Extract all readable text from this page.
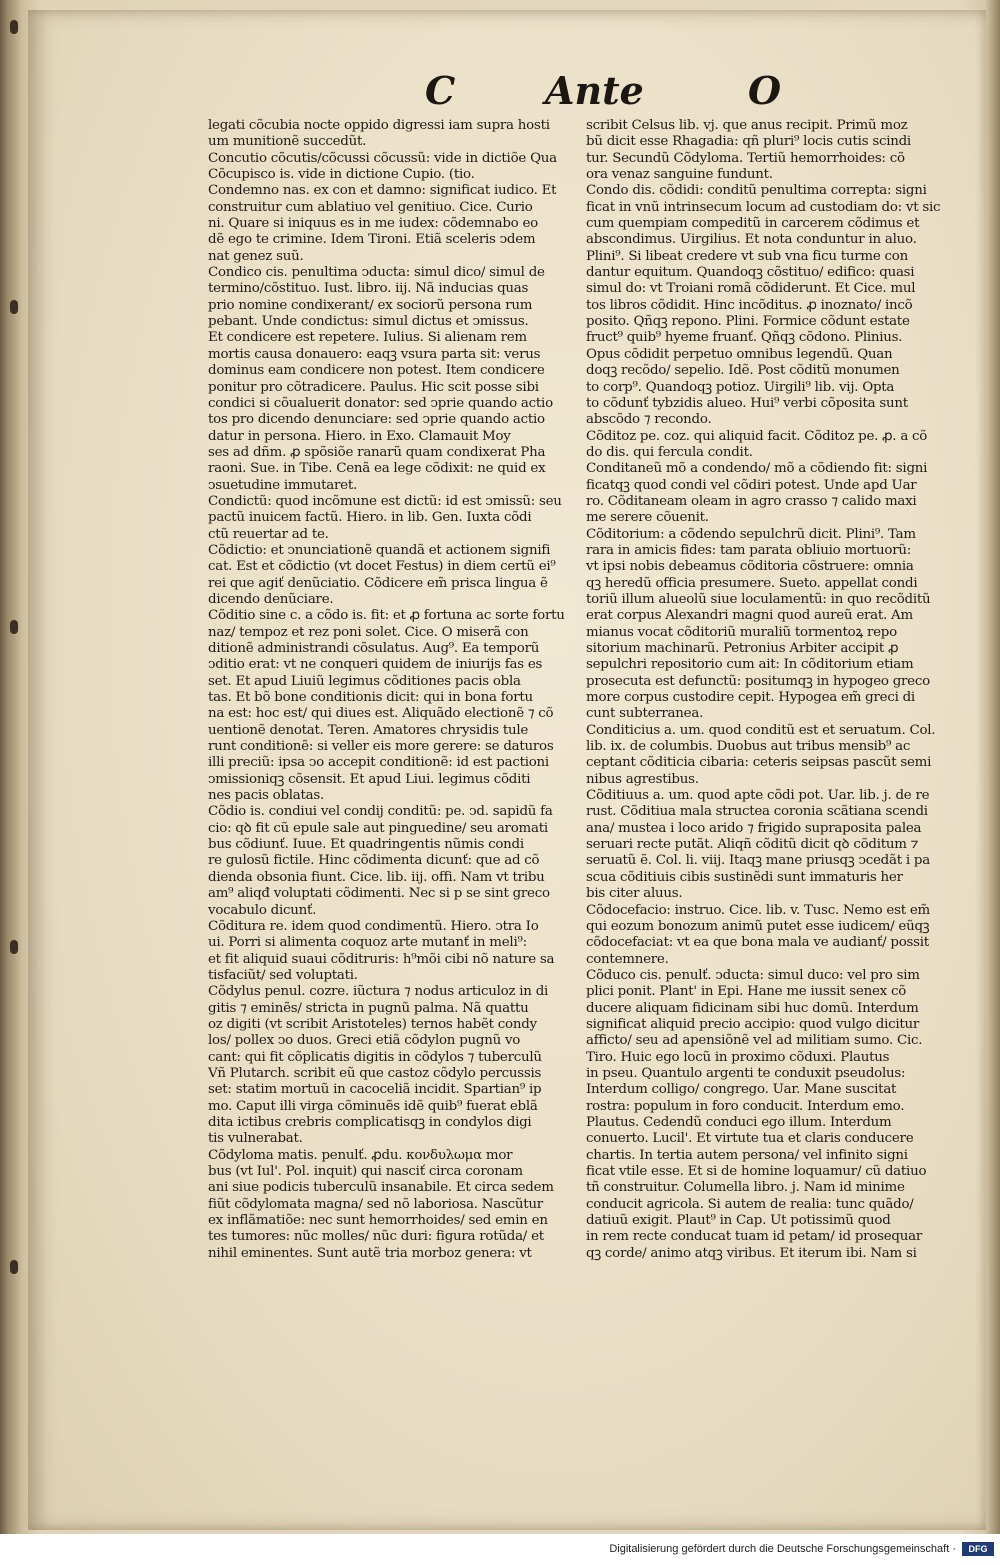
C Ante	O
legati cõcubia nocte oppido digressi iam supra hosti
um munitionẽ succedũt.
Concutio cõcutis/cõcussi cõcussũ: vide in dictiõe Qua
Cõcupisco is. vide in dictione Cupio. (tio.
Condemno nas. ex con et damno: significat iudico. Et
construitur cum ablatiuo vel genitiuo. Cice. Curio
ni. Quare si iniquus es in me iudex: cõdemnabo eo
dẽ ego te crimine. Idem Tironi. Etiã sceleris ↄdem
nat genez suũ.
Condico cis. penultima ↄducta: simul dico/ simul de
termino/cõstituo. Iust. libro. iij. Nã inducias quas
prio nomine condixerant/ ex sociorũ persona rum
pebant. Unde condictus: simul dictus et ↄmissus.
Et condicere est repetere. Iulius. Si alienam rem
mortis causa donauero: eaqꝫ vsura parta sit: verus
dominus eam condicere non potest. Item condicere
ponitur pro cõtradicere. Paulus. Hic scit posse sibi
condici si cõualuerit donator: sed ↄprie quando actio
tos pro dicendo denunciare: sed ↄprie quando actio
datur in persona. Hiero. in Exo. Clamauit Moy
ses ad dñm. ꝓ spõsiõe ranarũ quam condixerat Pha
raoni. Sue. in Tibe. Cenã ea lege cõdixit: ne quid ex
ↄsuetudine immutaret.
Condictũ: quod incõmune est dictũ: id est ↄmissũ: seu
pactũ inuicem factũ. Hiero. in lib. Gen. Iuxta cõdi
ctũ reuertar ad te.
Cõdictio: et ↄnunciationẽ quandã et actionem signifi
cat. Est et cõdictio (vt docet Festus) in diem certũ ei⁹
rei que agiť denũciatio. Cõdicere em̃ prisca lingua ẽ
dicendo denũciare.
Cõditio sine c. a cõdo is. fit: et ꝓ fortuna ac sorte fortu
naz/ tempoz et rez poni solet. Cice. O miserã con
ditionẽ administrandi cõsulatus. Aug⁹. Ea temporũ
ↄditio erat: vt ne conqueri quidem de iniurijs fas es
set. Et apud Liuiũ legimus cõditiones pacis obla
tas. Et bõ bone conditionis dicit: qui in bona fortu
na est: hoc est/ qui diues est. Aliquãdo electionẽ ⁊ cõ
uentionẽ denotat. Teren. Amatores chrysidis tule
runt conditionẽ: si veller eis more gerere: se daturos
illi preciũ: ipsa ↄo accepit conditionẽ: id est pactioni
ↄmissioniqꝫ cõsensit. Et apud Liui. legimus cõditi
nes pacis oblatas.
Cõdio is. condiui vel condij conditũ: pe. ↄd. sapidũ fa
cio: qꝺ fit cũ epule sale aut pinguedine/ seu aromati
bus cõdiunť. Iuue. Et quadringentis nũmis condi
re gulosũ fictile. Hinc cõdimenta dicunť: que ad cõ
dienda obsonia fiunt. Cice. lib. iij. offi. Nam vt tribu
am⁹ aliqđ voluptati cõdimenti. Nec si p se sint greco
vocabulo dicunť.
Cõditura re. idem quod condimentũ. Hiero. ↄtra Io
ui. Porri si alimenta coquoz arte mutanť in meli⁹:
et fit aliquid suaui cõditruris: h⁹mõi cibi nõ nature sa
tisfaciũt/ sed voluptati.
Cõdylus penul. cozre. iũctura ⁊ nodus articuloz in di
gitis ⁊ eminẽs/ stricta in pugnũ palma. Nã quattu
oz digiti (vt scribit Aristoteles) ternos habẽt condy
los/ pollex ↄo duos. Greci etiã cõdylon pugnũ vo
cant: qui fit cõplicatis digitis in cõdylos ⁊ tuberculũ
Vñ Plutarch. scribit eũ que castoz cõdylo percussis
set: statim mortuũ in cacoceliã incidit. Spartian⁹ ip
mo. Caput illi virga cõminuẽs idẽ quib⁹ fuerat eblã
dita ictibus crebris complicatisqꝫ in condylos digi
tis vulnerabat.
Cõdyloma matis. penulť. ꝓdu. κονδυλωμα mor
bus (vt Iul'. Pol. inquit) qui nasciť circa coronam
ani siue podicis tuberculũ insanabile. Et circa sedem
fiũt cõdylomata magna/ sed nõ laboriosa. Nascũtur
ex inflãmatiõe: nec sunt hemorrhoides/ sed emin en
tes tumores: nũc molles/ nũc duri: figura rotũda/ et
nihil eminentes. Sunt autẽ tria morboz genera: vt
scribit Celsus lib. vj. que anus recipit. Primũ moz
bũ dicit esse Rhagadia: qñ pluri⁹ locis cutis scindi
tur. Secundũ Cõdyloma. Tertiũ hemorrhoides: cõ
ora venaz sanguine fundunt.
Condo dis. cõdidi: conditũ penultima correpta: signi
ficat in vnũ intrinsecum locum ad custodiam do: vt sic
cum quempiam compeditũ in carcerem cõdimus et
abscondimus. Uirgilius. Et nota conduntur in aluo.
Plini⁹. Si libeat credere vt sub vna ficu turme con
dantur equitum. Quandoqꝫ cõstituo/ edifico: quasi
simul do: vt Troiani romã cõdiderunt. Et Cice. mul
tos libros cõdidit. Hinc incõditus. ꝓ inoznato/ incõ
posito. Qñqꝫ repono. Plini. Formice cõdunt estate
fruct⁹ quib⁹ hyeme fruanť. Qñqꝫ cõdono. Plinius.
Opus cõdidit perpetuo omnibus legendũ. Quan
doqꝫ recõdo/ sepelio. Idẽ. Post cõditũ monumen
to corp⁹. Quandoqꝫ potioz. Uirgili⁹ lib. vij. Opta
to cõdunť tybzidis alueo. Hui⁹ verbi cõposita sunt
abscõdo ⁊ recondo.
Cõditoz pe. coz. qui aliquid facit. Cõditoz pe. ꝓ. a cõ
do dis. qui fercula condit.
Conditaneũ mõ a condendo/ mõ a cõdiendo fit: signi
ficatqꝫ quod condi vel cõdiri potest. Unde apd Uar
ro. Cõditaneam oleam in agro crasso ⁊ calido maxi
me serere cõuenit.
Cõditorium: a cõdendo sepulchrũ dicit. Plini⁹. Tam
rara in amicis fides: tam parata obliuio mortuorũ:
vt ipsi nobis debeamus cõditoria cõstruere: omnia
qꝫ heredũ officia presumere. Sueto. appellat condi
toriũ illum alueolũ siue loculamentũ: in quo recõditũ
erat corpus Alexandri magni quod aureũ erat. Am
mianus vocat cõditoriũ muraliũ tormentoꝝ repo
sitorium machinarũ. Petronius Arbiter accipit ꝓ
sepulchri repositorio cum ait: In cõditorium etiam
prosecuta est defunctũ: positumqꝫ in hypogeo greco
more corpus custodire cepit. Hypogea em̃ greci di
cunt subterranea.
Conditicius a. um. quod conditũ est et seruatum. Col.
lib. ix. de columbis. Duobus aut tribus mensib⁹ ac
ceptant cõditicia cibaria: ceteris seipsas pascũt semi
nibus agrestibus.
Cõditiuus a. um. quod apte cõdi pot. Uar. lib. j. de re
rust. Cõditiua mala structea coronia scãtiana scendi
ana/ mustea i loco arido ⁊ frigido supraposita palea
seruari recte putãt. Aliqñ cõditũ dicit qꝺ cõditum ⁊
seruatũ ẽ. Col. li. viij. Itaqꝫ mane priusqꝫ ↄcedãt i pa
scua cõditiuis cibis sustinẽdi sunt immaturis her
bis citer aluus.
Cõdocefacio: instruo. Cice. lib. v. Tusc. Nemo est em̃
qui eozum bonozum animũ putet esse iudicem/ eũqꝫ
cõdocefaciat: vt ea que bona mala ve audianť/ possit
contemnere.
Cõduco cis. penulť. ↄducta: simul duco: vel pro sim
plici ponit. Plant' in Epi. Hane me iussit senex cõ
ducere aliquam fidicinam sibi huc domũ. Interdum
significat aliquid precio accipio: quod vulgo dicitur
afficto/ seu ad apensiõnẽ vel ad militiam sumo. Cic.
Tiro. Huic ego locũ in proximo cõduxi. Plautus
in pseu. Quantulo argenti te conduxit pseudolus:
Interdum colligo/ congrego. Uar. Mane suscitat
rostra: populum in foro conducit. Interdum emo.
Plautus. Cedendũ conduci ego illum. Interdum
conuerto. Lucil'. Et virtute tua et claris conducere
chartis. In tertia autem persona/ vel infinito signi
ficat vtile esse. Et si de homine loquamur/ cũ datiuo
tñ construitur. Columella libro. j. Nam id minime
conducit agricola. Si autem de realia: tunc quãdo/
datiuũ exigit. Plaut⁹ in Cap. Ut potissimũ quod
in rem recte conducat tuam id petam/ id prosequar
qꝫ corde/ animo atqꝫ viribus. Et iterum ibi. Nam si
Digitalisierung gefördert durch die Deutsche Forschungsgemeinschaft ·	DFG
